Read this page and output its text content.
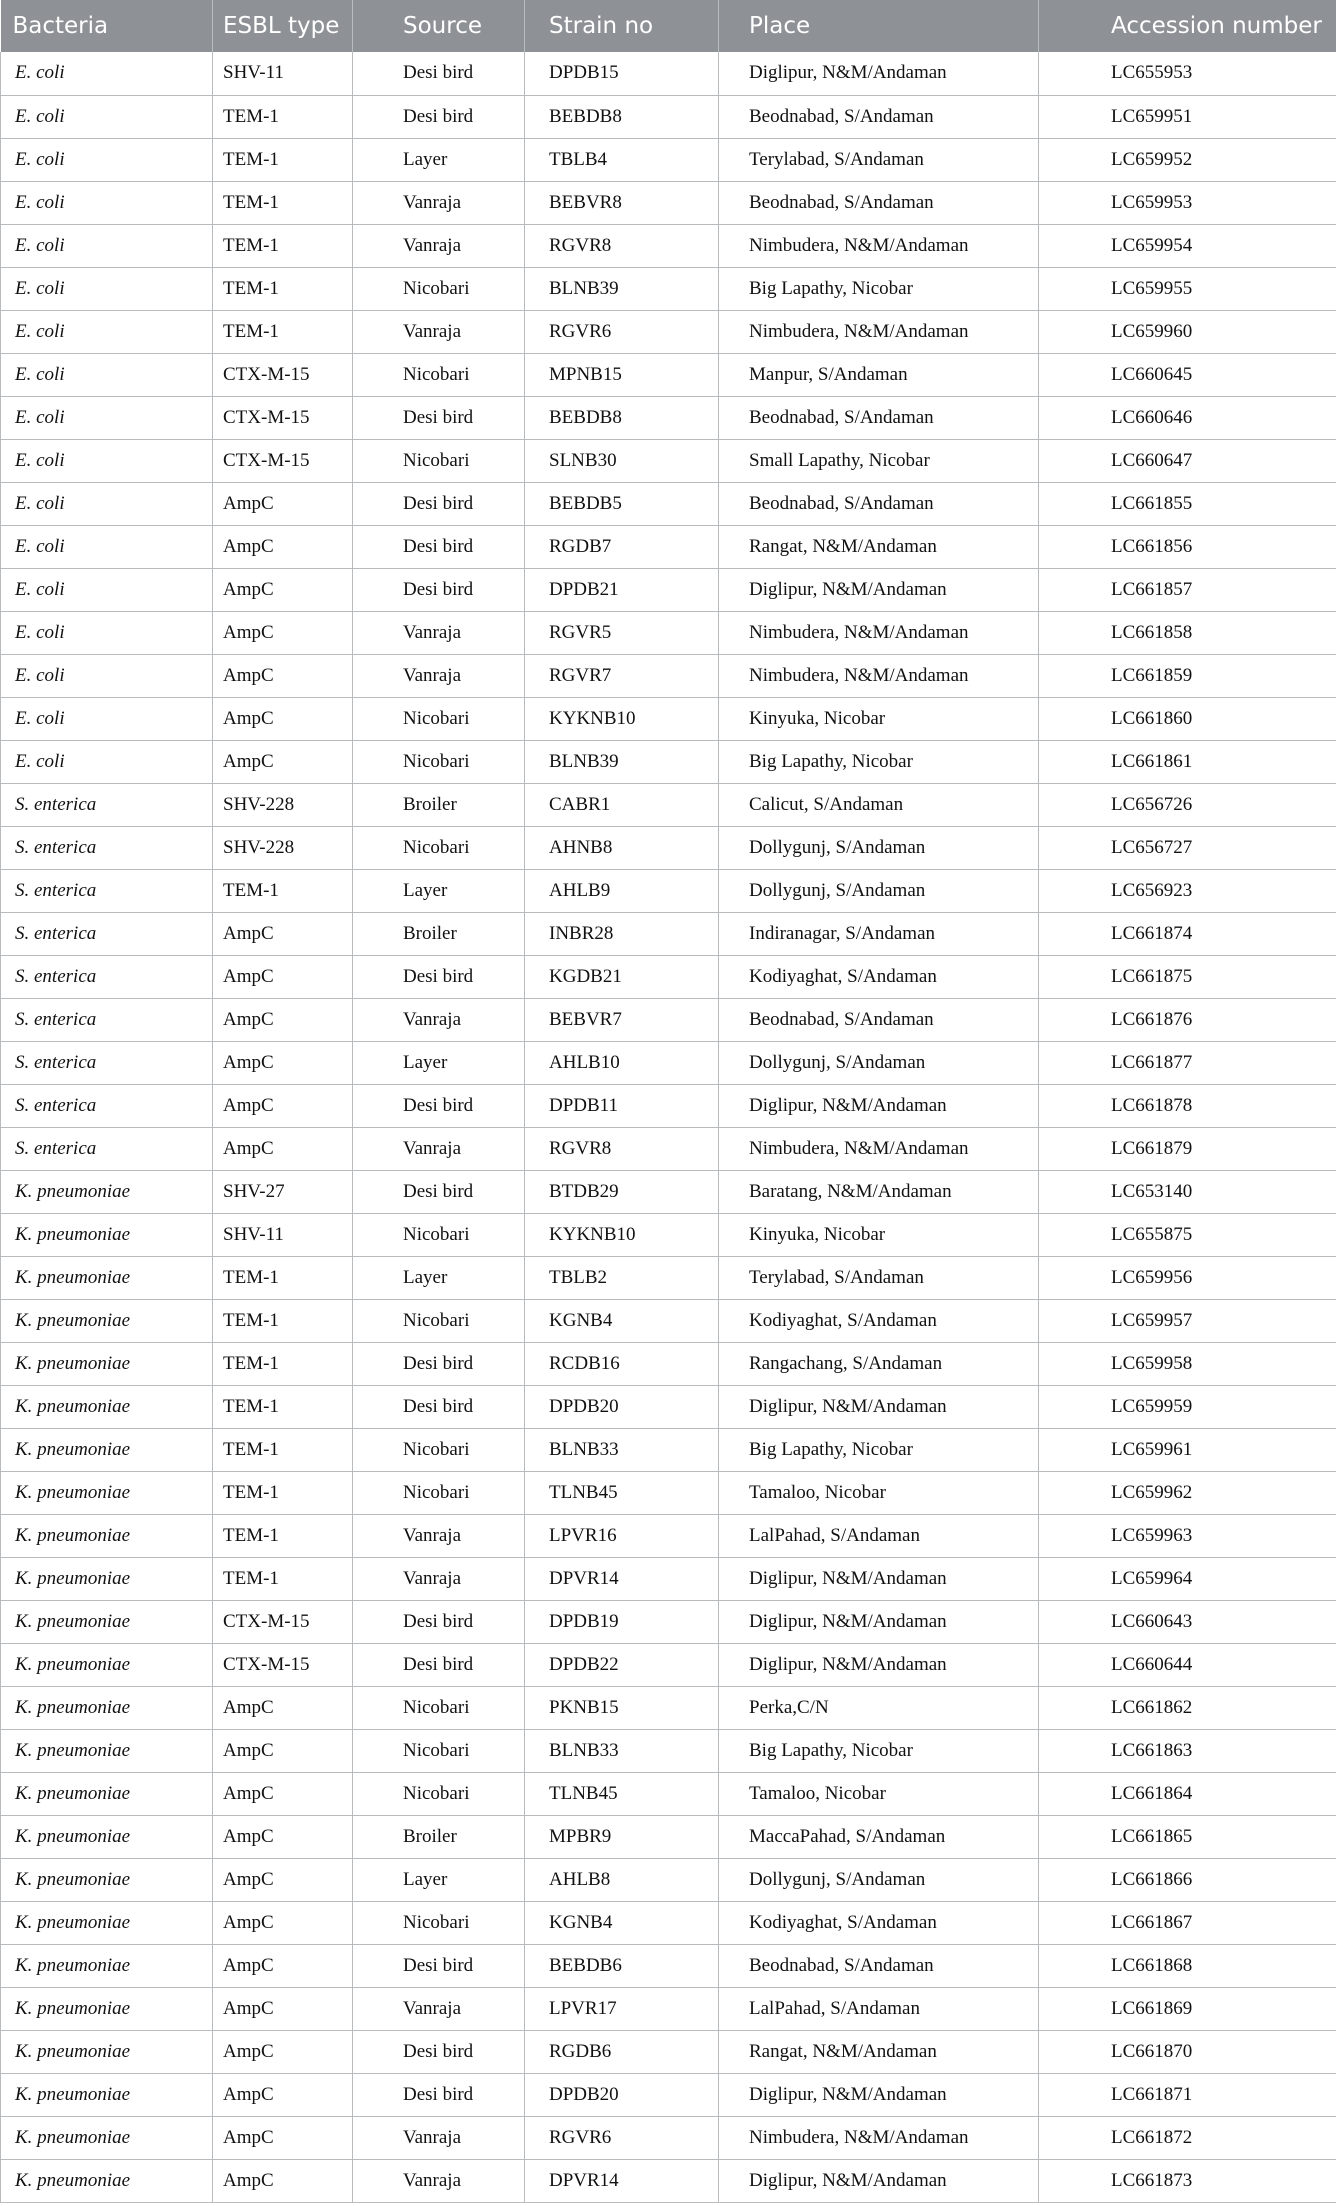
Bacteria	ESBL type	Source	Strain no	Place	Accession number
E. coli	SHV-11	Desi bird	DPDB15	Diglipur, N&M/Andaman	LC655953
E. coli	TEM-1	Desi bird	BEBDB8	Beodnabad, S/Andaman	LC659951
E. coli	TEM-1	Layer	TBLB4	Terylabad, S/Andaman	LC659952
E. coli	TEM-1	Vanraja	BEBVR8	Beodnabad, S/Andaman	LC659953
E. coli	TEM-1	Vanraja	RGVR8	Nimbudera, N&M/Andaman	LC659954
E. coli	TEM-1	Nicobari	BLNB39	Big Lapathy, Nicobar	LC659955
E. coli	TEM-1	Vanraja	RGVR6	Nimbudera, N&M/Andaman	LC659960
E. coli	CTX-M-15	Nicobari	MPNB15	Manpur, S/Andaman	LC660645
E. coli	CTX-M-15	Desi bird	BEBDB8	Beodnabad, S/Andaman	LC660646
E. coli	CTX-M-15	Nicobari	SLNB30	Small Lapathy, Nicobar	LC660647
E. coli	AmpC	Desi bird	BEBDB5	Beodnabad, S/Andaman	LC661855
E. coli	AmpC	Desi bird	RGDB7	Rangat, N&M/Andaman	LC661856
E. coli	AmpC	Desi bird	DPDB21	Diglipur, N&M/Andaman	LC661857
E. coli	AmpC	Vanraja	RGVR5	Nimbudera, N&M/Andaman	LC661858
E. coli	AmpC	Vanraja	RGVR7	Nimbudera, N&M/Andaman	LC661859
E. coli	AmpC	Nicobari	KYKNB10	Kinyuka, Nicobar	LC661860
E. coli	AmpC	Nicobari	BLNB39	Big Lapathy, Nicobar	LC661861
S. enterica	SHV-228	Broiler	CABR1	Calicut, S/Andaman	LC656726
S. enterica	SHV-228	Nicobari	AHNB8	Dollygunj, S/Andaman	LC656727
S. enterica	TEM-1	Layer	AHLB9	Dollygunj, S/Andaman	LC656923
S. enterica	AmpC	Broiler	INBR28	Indiranagar, S/Andaman	LC661874
S. enterica	AmpC	Desi bird	KGDB21	Kodiyaghat, S/Andaman	LC661875
S. enterica	AmpC	Vanraja	BEBVR7	Beodnabad, S/Andaman	LC661876
S. enterica	AmpC	Layer	AHLB10	Dollygunj, S/Andaman	LC661877
S. enterica	AmpC	Desi bird	DPDB11	Diglipur, N&M/Andaman	LC661878
S. enterica	AmpC	Vanraja	RGVR8	Nimbudera, N&M/Andaman	LC661879
K. pneumoniae	SHV-27	Desi bird	BTDB29	Baratang, N&M/Andaman	LC653140
K. pneumoniae	SHV-11	Nicobari	KYKNB10	Kinyuka, Nicobar	LC655875
K. pneumoniae	TEM-1	Layer	TBLB2	Terylabad, S/Andaman	LC659956
K. pneumoniae	TEM-1	Nicobari	KGNB4	Kodiyaghat, S/Andaman	LC659957
K. pneumoniae	TEM-1	Desi bird	RCDB16	Rangachang, S/Andaman	LC659958
K. pneumoniae	TEM-1	Desi bird	DPDB20	Diglipur, N&M/Andaman	LC659959
K. pneumoniae	TEM-1	Nicobari	BLNB33	Big Lapathy, Nicobar	LC659961
K. pneumoniae	TEM-1	Nicobari	TLNB45	Tamaloo, Nicobar	LC659962
K. pneumoniae	TEM-1	Vanraja	LPVR16	LalPahad, S/Andaman	LC659963
K. pneumoniae	TEM-1	Vanraja	DPVR14	Diglipur, N&M/Andaman	LC659964
K. pneumoniae	CTX-M-15	Desi bird	DPDB19	Diglipur, N&M/Andaman	LC660643
K. pneumoniae	CTX-M-15	Desi bird	DPDB22	Diglipur, N&M/Andaman	LC660644
K. pneumoniae	AmpC	Nicobari	PKNB15	Perka,C/N	LC661862
K. pneumoniae	AmpC	Nicobari	BLNB33	Big Lapathy, Nicobar	LC661863
K. pneumoniae	AmpC	Nicobari	TLNB45	Tamaloo, Nicobar	LC661864
K. pneumoniae	AmpC	Broiler	MPBR9	MaccaPahad, S/Andaman	LC661865
K. pneumoniae	AmpC	Layer	AHLB8	Dollygunj, S/Andaman	LC661866
K. pneumoniae	AmpC	Nicobari	KGNB4	Kodiyaghat, S/Andaman	LC661867
K. pneumoniae	AmpC	Desi bird	BEBDB6	Beodnabad, S/Andaman	LC661868
K. pneumoniae	AmpC	Vanraja	LPVR17	LalPahad, S/Andaman	LC661869
K. pneumoniae	AmpC	Desi bird	RGDB6	Rangat, N&M/Andaman	LC661870
K. pneumoniae	AmpC	Desi bird	DPDB20	Diglipur, N&M/Andaman	LC661871
K. pneumoniae	AmpC	Vanraja	RGVR6	Nimbudera, N&M/Andaman	LC661872
K. pneumoniae	AmpC	Vanraja	DPVR14	Diglipur, N&M/Andaman	LC661873
